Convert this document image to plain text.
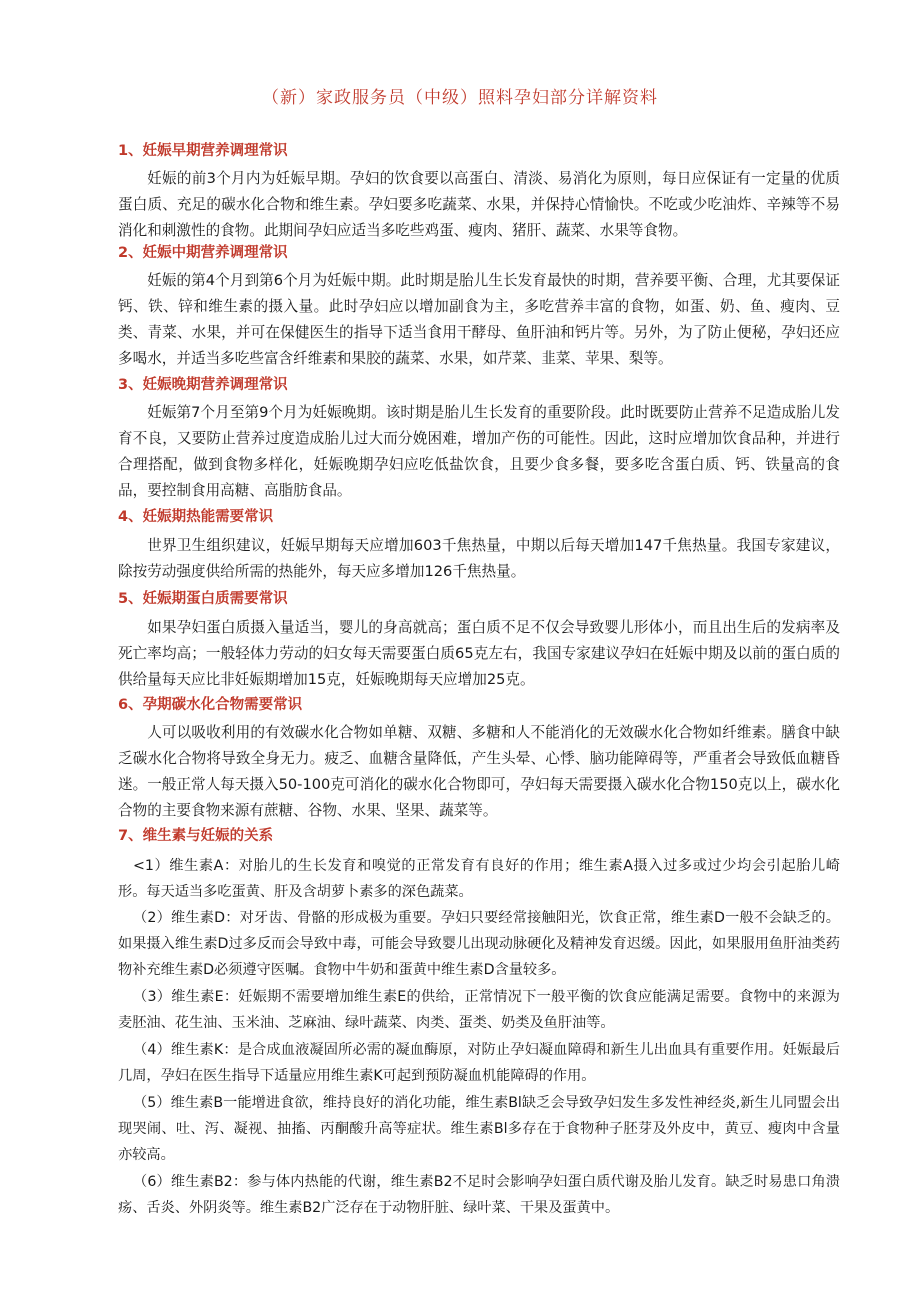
（新）家政服务员（中级）照料孕妇部分详解资料
1、妊娠早期营养调理常识
妊娠的前3个月内为妊娠早期。孕妇的饮食要以高蛋白、清淡、易消化为原则，每日应保证有一定量的优质蛋白质、充足的碳水化合物和维生素。孕妇要多吃蔬菜、水果，并保持心情愉快。不吃或少吃油炸、辛辣等不易消化和刺激性的食物。此期间孕妇应适当多吃些鸡蛋、瘦肉、猪肝、蔬菜、水果等食物。
2、妊娠中期营养调理常识
妊娠的第4个月到第6个月为妊娠中期。此时期是胎儿生长发育最快的时期，营养要平衡、合理，尤其要保证钙、铁、锌和维生素的摄入量。此时孕妇应以增加副食为主，多吃营养丰富的食物，如蛋、奶、鱼、瘦肉、豆类、青菜、水果，并可在保健医生的指导下适当食用干酵母、鱼肝油和钙片等。另外，为了防止便秘，孕妇还应多喝水，并适当多吃些富含纤维素和果胶的蔬菜、水果，如芹菜、韭菜、苹果、梨等。
3、妊娠晚期营养调理常识
妊娠第7个月至第9个月为妊娠晚期。该时期是胎儿生长发育的重要阶段。此时既要防止营养不足造成胎儿发育不良，又要防止营养过度造成胎儿过大而分娩困难，增加产伤的可能性。因此，这时应增加饮食品种，并进行合理搭配，做到食物多样化，妊娠晚期孕妇应吃低盐饮食，且要少食多餐，要多吃含蛋白质、钙、铁量高的食品，要控制食用高糖、高脂肪食品。
4、妊娠期热能需要常识
世界卫生组织建议，妊娠早期每天应增加603千焦热量，中期以后每天增加147千焦热量。我国专家建议，除按劳动强度供给所需的热能外，每天应多增加126千焦热量。
5、妊娠期蛋白质需要常识
如果孕妇蛋白质摄入量适当，婴儿的身高就高；蛋白质不足不仅会导致婴儿形体小，而且出生后的发病率及死亡率均高；一般轻体力劳动的妇女每天需要蛋白质65克左右，我国专家建议孕妇在妊娠中期及以前的蛋白质的供给量每天应比非妊娠期增加15克，妊娠晚期每天应增加25克。
6、孕期碳水化合物需要常识
人可以吸收利用的有效碳水化合物如单糖、双糖、多糖和人不能消化的无效碳水化合物如纤维素。膳食中缺乏碳水化合物将导致全身无力。疲乏、血糖含量降低，产生头晕、心悸、脑功能障碍等，严重者会导致低血糖昏迷。一般正常人每天摄入50-100克可消化的碳水化合物即可，孕妇每天需要摄入碳水化合物150克以上，碳水化合物的主要食物来源有蔗糖、谷物、水果、坚果、蔬菜等。
7、维生素与妊娠的关系
<1）维生素A：对胎儿的生长发育和嗅觉的正常发育有良好的作用；维生素A摄入过多或过少均会引起胎儿崎形。每天适当多吃蛋黄、肝及含胡萝卜素多的深色蔬菜。
（2）维生素D：对牙齿、骨骼的形成极为重要。孕妇只要经常接触阳光，饮食正常，维生素D一般不会缺乏的。如果摄入维生素D过多反而会导致中毒，可能会导致婴儿出现动脉硬化及精神发育迟缓。因此，如果服用鱼肝油类药物补充维生素D必须遵守医嘱。食物中牛奶和蛋黄中维生素D含量较多。
（3）维生素E：妊娠期不需要增加维生素E的供给，正常情况下一般平衡的饮食应能满足需要。食物中的来源为麦胚油、花生油、玉米油、芝麻油、绿叶蔬菜、肉类、蛋类、奶类及鱼肝油等。
（4）维生素K：是合成血液凝固所必需的凝血酶原，对防止孕妇凝血障碍和新生儿出血具有重要作用。妊娠最后几周，孕妇在医生指导下适量应用维生素K可起到预防凝血机能障碍的作用。
（5）维生素B一能增进食欲，维持良好的消化功能，维生素Bl缺乏会导致孕妇发生多发性神经炎,新生儿同盟会出现哭闹、吐、泻、凝视、抽搐、丙酮酸升高等症状。维生素Bl多存在于食物种子胚芽及外皮中，黄豆、瘦肉中含量亦较高。
（6）维生素B2：参与体内热能的代谢，维生素B2不足时会影响孕妇蛋白质代谢及胎儿发育。缺乏时易患口角溃疡、舌炎、外阴炎等。维生素B2广泛存在于动物肝脏、绿叶菜、干果及蛋黄中。
